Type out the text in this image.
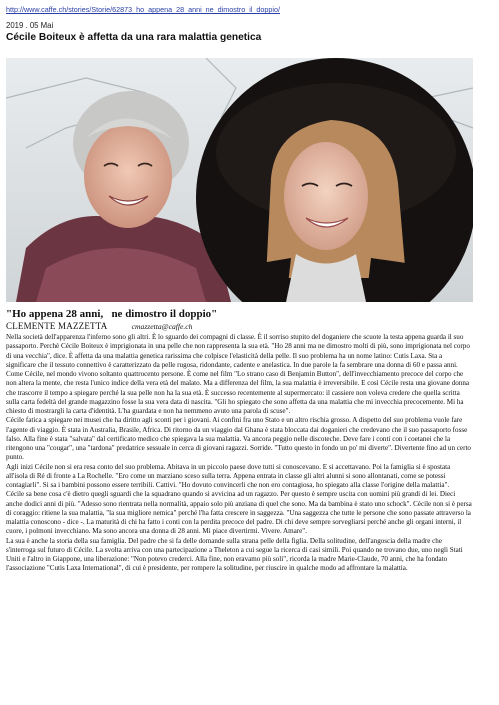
http://www.caffe.ch/stories/Storie/62873_ho_appena_28_anni_ne_dimostro_il_doppio/
2019 . 05 Mai
Cécile Boiteux è affetta da una rara malattia genetica
"Ho appena 28 anni,   ne dimostro il doppio"
CLEMENTE MAZZETTA	cmazzetta@caffe.ch

Nella società dell'apparenza l'inferno sono gli altri. È lo sguardo dei compagni di classe. È il sorriso stupito del doganiere che scuote la testa appena guarda il suo passaporto. Perchè Cécile Boiteux è imprigionata in una pelle che non rappresenta la sua età. "Ho 28 anni ma ne dimostro molti di più, sono imprigionata nel corpo di una vecchia", dice. È affetta da una malattia genetica rarissima che colpisce l'elasticità della pelle. Il suo problema ha un nome latino: Cutis Laxa. Sta a significare che il tessuto connettivo è caratterizzato da pelle rugosa, ridondante, cadente e anelastica. In due parole la fa sembrare una donna di 60 e passa anni.

Come Cécile, nel mondo vivono soltanto quattrocento persone. È come nel film "Lo strano caso di Benjamin Button", dell'invecchiamento precoce del corpo che non altera la mente, che resta l'unico indice della vera età del malato. Ma a differenza del film, la sua malattia è irreversibile. E così Cécile resta una giovane donna che trascorre il tempo a spiegare perché la sua pelle non ha la sua età. È successo recentemente al supermercato: il cassiere non voleva credere che quella scritta sulla carta fedeltà del grande magazzino fosse la sua vera data di nascita. "Gli ho spiegato che sono affetta da una malattia che mi invecchia precocemente. Mi ha chiesto di mostrargli la carta d'identità. L'ha guardata e non ha nemmeno avuto una parola di scuse".

Cécile fatica a spiegare nei musei che ha diritto agli sconti per i giovani. Ai confini fra uno Stato e un altro rischia grosso. A dispetto del suo problema vuole fare l'agente di viaggio. È stata in Australia, Brasile, Africa. Di ritorno da un viaggio dal Ghana è stata bloccata dai doganieri che credevano che il suo passaporto fosse falso. Alla fine è stata "salvata" dal certificato medico che spiegava la sua malattia. Va ancora peggio nelle discoteche. Deve fare i conti con i coetanei che la ritengono una "cougar", una "tardona" predatrice sessuale in cerca di giovani ragazzi. Sorride. "Tutto questo in fondo un po' mi diverte". Divertente fino ad un certo punto.

Agli inizi Cécile non si era resa conto del suo problema. Abitava in un piccolo paese dove tutti si conoscevano. E si accettavano. Poi la famiglia si è spostata all'isola di Ré di fronte a La Rochelle. "Ero come un marziano sceso sulla terra. Appena entrata in classe gli altri alunni si sono allontanati, come se potessi contagiarli". Si sa i bambini possono essere terribili. Cattivi. "Ho dovuto convincerli che non ero contagiosa, ho spiegato alla classe l'origine della malattia".

Cécile sa bene cosa c'è dietro quegli sguardi che la squadrano quando si avvicina ad un ragazzo. Per questo è sempre uscita con uomini più grandi di lei. Dieci anche dodici anni di più. "Adesso sono rientrata nella normalità, appaio solo più anziana di quel che sono. Ma da bambina è stato uno schock". Cécile non si è persa di coraggio: ritiene la sua malattia, "la sua migliore nemica" perché l'ha fatta crescere in saggezza. "Una saggezza che tutte le persone che sono passate attraverso la malattia conoscono - dice -. La maturità di chi ha fatto i conti con la perdita precoce del padre. Di chi deve sempre sorvegliarsi perché anche gli organi interni, il cuore, i polmoni invecchiano. Ma sono ancora una donna di 28 anni. Mi piace divertirmi. Vivere. Amare".

La sua è anche la storia della sua famiglia. Del padre che si fa delle domande sulla strana pelle della figlia. Della solitudine, dell'angoscia della madre che s'interroga sul futuro di Cécile. La svolta arriva con una partecipazione a Theleton a cui segue la ricerca di casi simili. Poi quando ne trovano due, uno negli Stati Uniti e l'altro in Giappone, una liberazione: "Non potevo crederci. Alla fine, non eravamo più soli", ricorda la madre Marie-Claude, 70 anni, che ha fondato l'associazione "Cutis Laxa International", di cui è presidente, per rompere la solitudine, per riuscire in qualche modo ad affrontare la malattia.
